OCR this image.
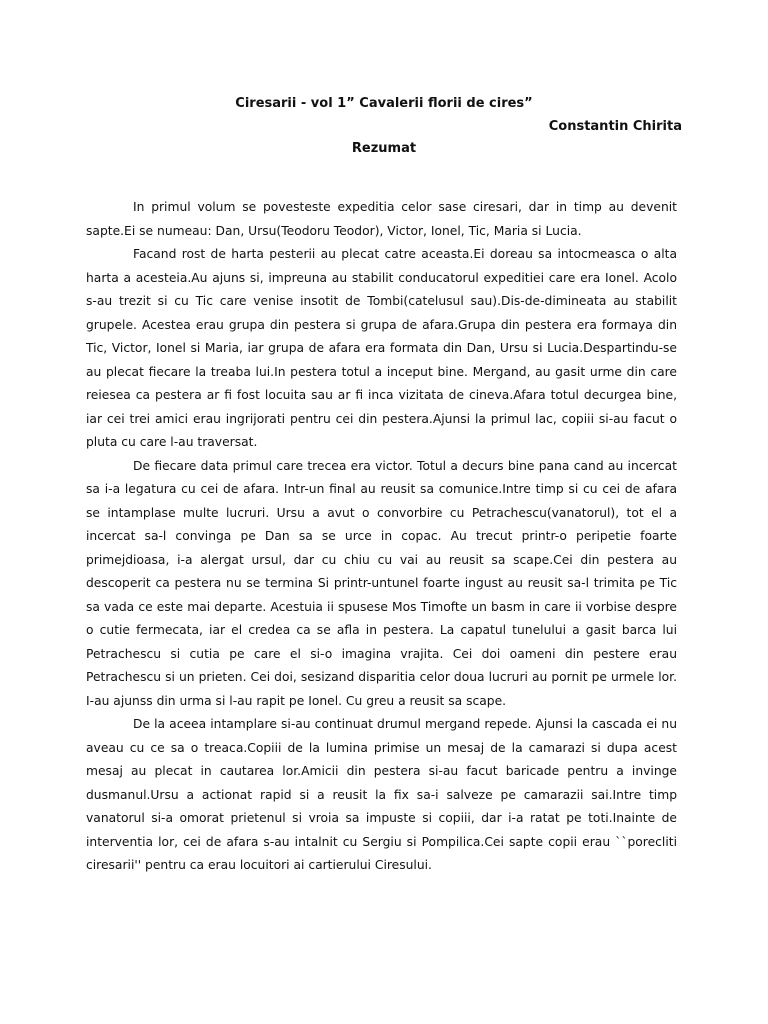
Ciresarii - vol 1” Cavalerii florii de cires”
Constantin Chirita
Rezumat

In primul volum se povesteste expeditia celor sase ciresari, dar in timp au devenit sapte.Ei se numeau: Dan, Ursu(Teodoru Teodor), Victor, Ionel, Tic, Maria si Lucia.

Facand rost de harta pesterii au plecat catre aceasta.Ei doreau sa intocmeasca o alta harta a acesteia.Au ajuns si, impreuna au stabilit conducatorul expeditiei care era Ionel. Acolo s-au trezit si cu Tic care venise insotit de Tombi(catelusul sau).Dis-de-dimineata au stabilit grupele. Acestea erau grupa din pestera si grupa de afara.Grupa din pestera era formaya din Tic, Victor, Ionel si Maria, iar grupa de afara era formata din Dan, Ursu si Lucia.Despartindu-se au plecat fiecare la treaba lui.In pestera totul a inceput bine. Mergand, au gasit urme din care reiesea ca pestera ar fi fost locuita sau ar fi inca vizitata de cineva.Afara totul decurgea bine, iar cei trei amici erau ingrijorati pentru cei din pestera.Ajunsi la primul lac, copiii si-au facut o pluta cu care l-au traversat.

De fiecare data primul care trecea era victor. Totul a decurs bine pana cand au incercat sa i-a legatura cu cei de afara. Intr-un final au reusit sa comunice.Intre timp si cu cei de afara se intamplase multe lucruri. Ursu a avut o convorbire cu Petrachescu(vanatorul), tot el a incercat sa-l convinga pe Dan sa se urce in copac. Au trecut printr-o peripetie foarte primejdioasa, i-a alergat ursul, dar cu chiu cu vai au reusit sa scape.Cei din pestera au descoperit ca pestera nu se termina Si printr-untunel foarte ingust au reusit sa-l trimita pe Tic sa vada ce este mai departe. Acestuia ii spusese Mos Timofte un basm in care ii vorbise despre o cutie fermecata, iar el credea ca se afla in pestera. La capatul tunelului a gasit barca lui Petrachescu si cutia pe care el si-o imagina vrajita. Cei doi oameni din pestere erau Petrachescu si un prieten. Cei doi, sesizand disparitia celor doua lucruri au pornit pe urmele lor. I-au ajunss din urma si l-au rapit pe Ionel. Cu greu a reusit sa scape.

De la aceea intamplare si-au continuat drumul mergand repede. Ajunsi la cascada ei nu aveau cu ce sa o treaca.Copiii de la lumina primise un mesaj de la camarazi si dupa acest mesaj au plecat in cautarea lor.Amicii din pestera si-au facut baricade pentru a invinge dusmanul.Ursu a actionat rapid si a reusit la fix sa-i salveze pe camarazii sai.Intre timp vanatorul si-a omorat prietenul si vroia sa impuste si copiii, dar i-a ratat pe toti.Inainte de interventia lor, cei de afara s-au intalnit cu Sergiu si Pompilica.Cei sapte copii erau ``porecliti ciresarii'' pentru ca erau locuitori ai cartierului Ciresului.
